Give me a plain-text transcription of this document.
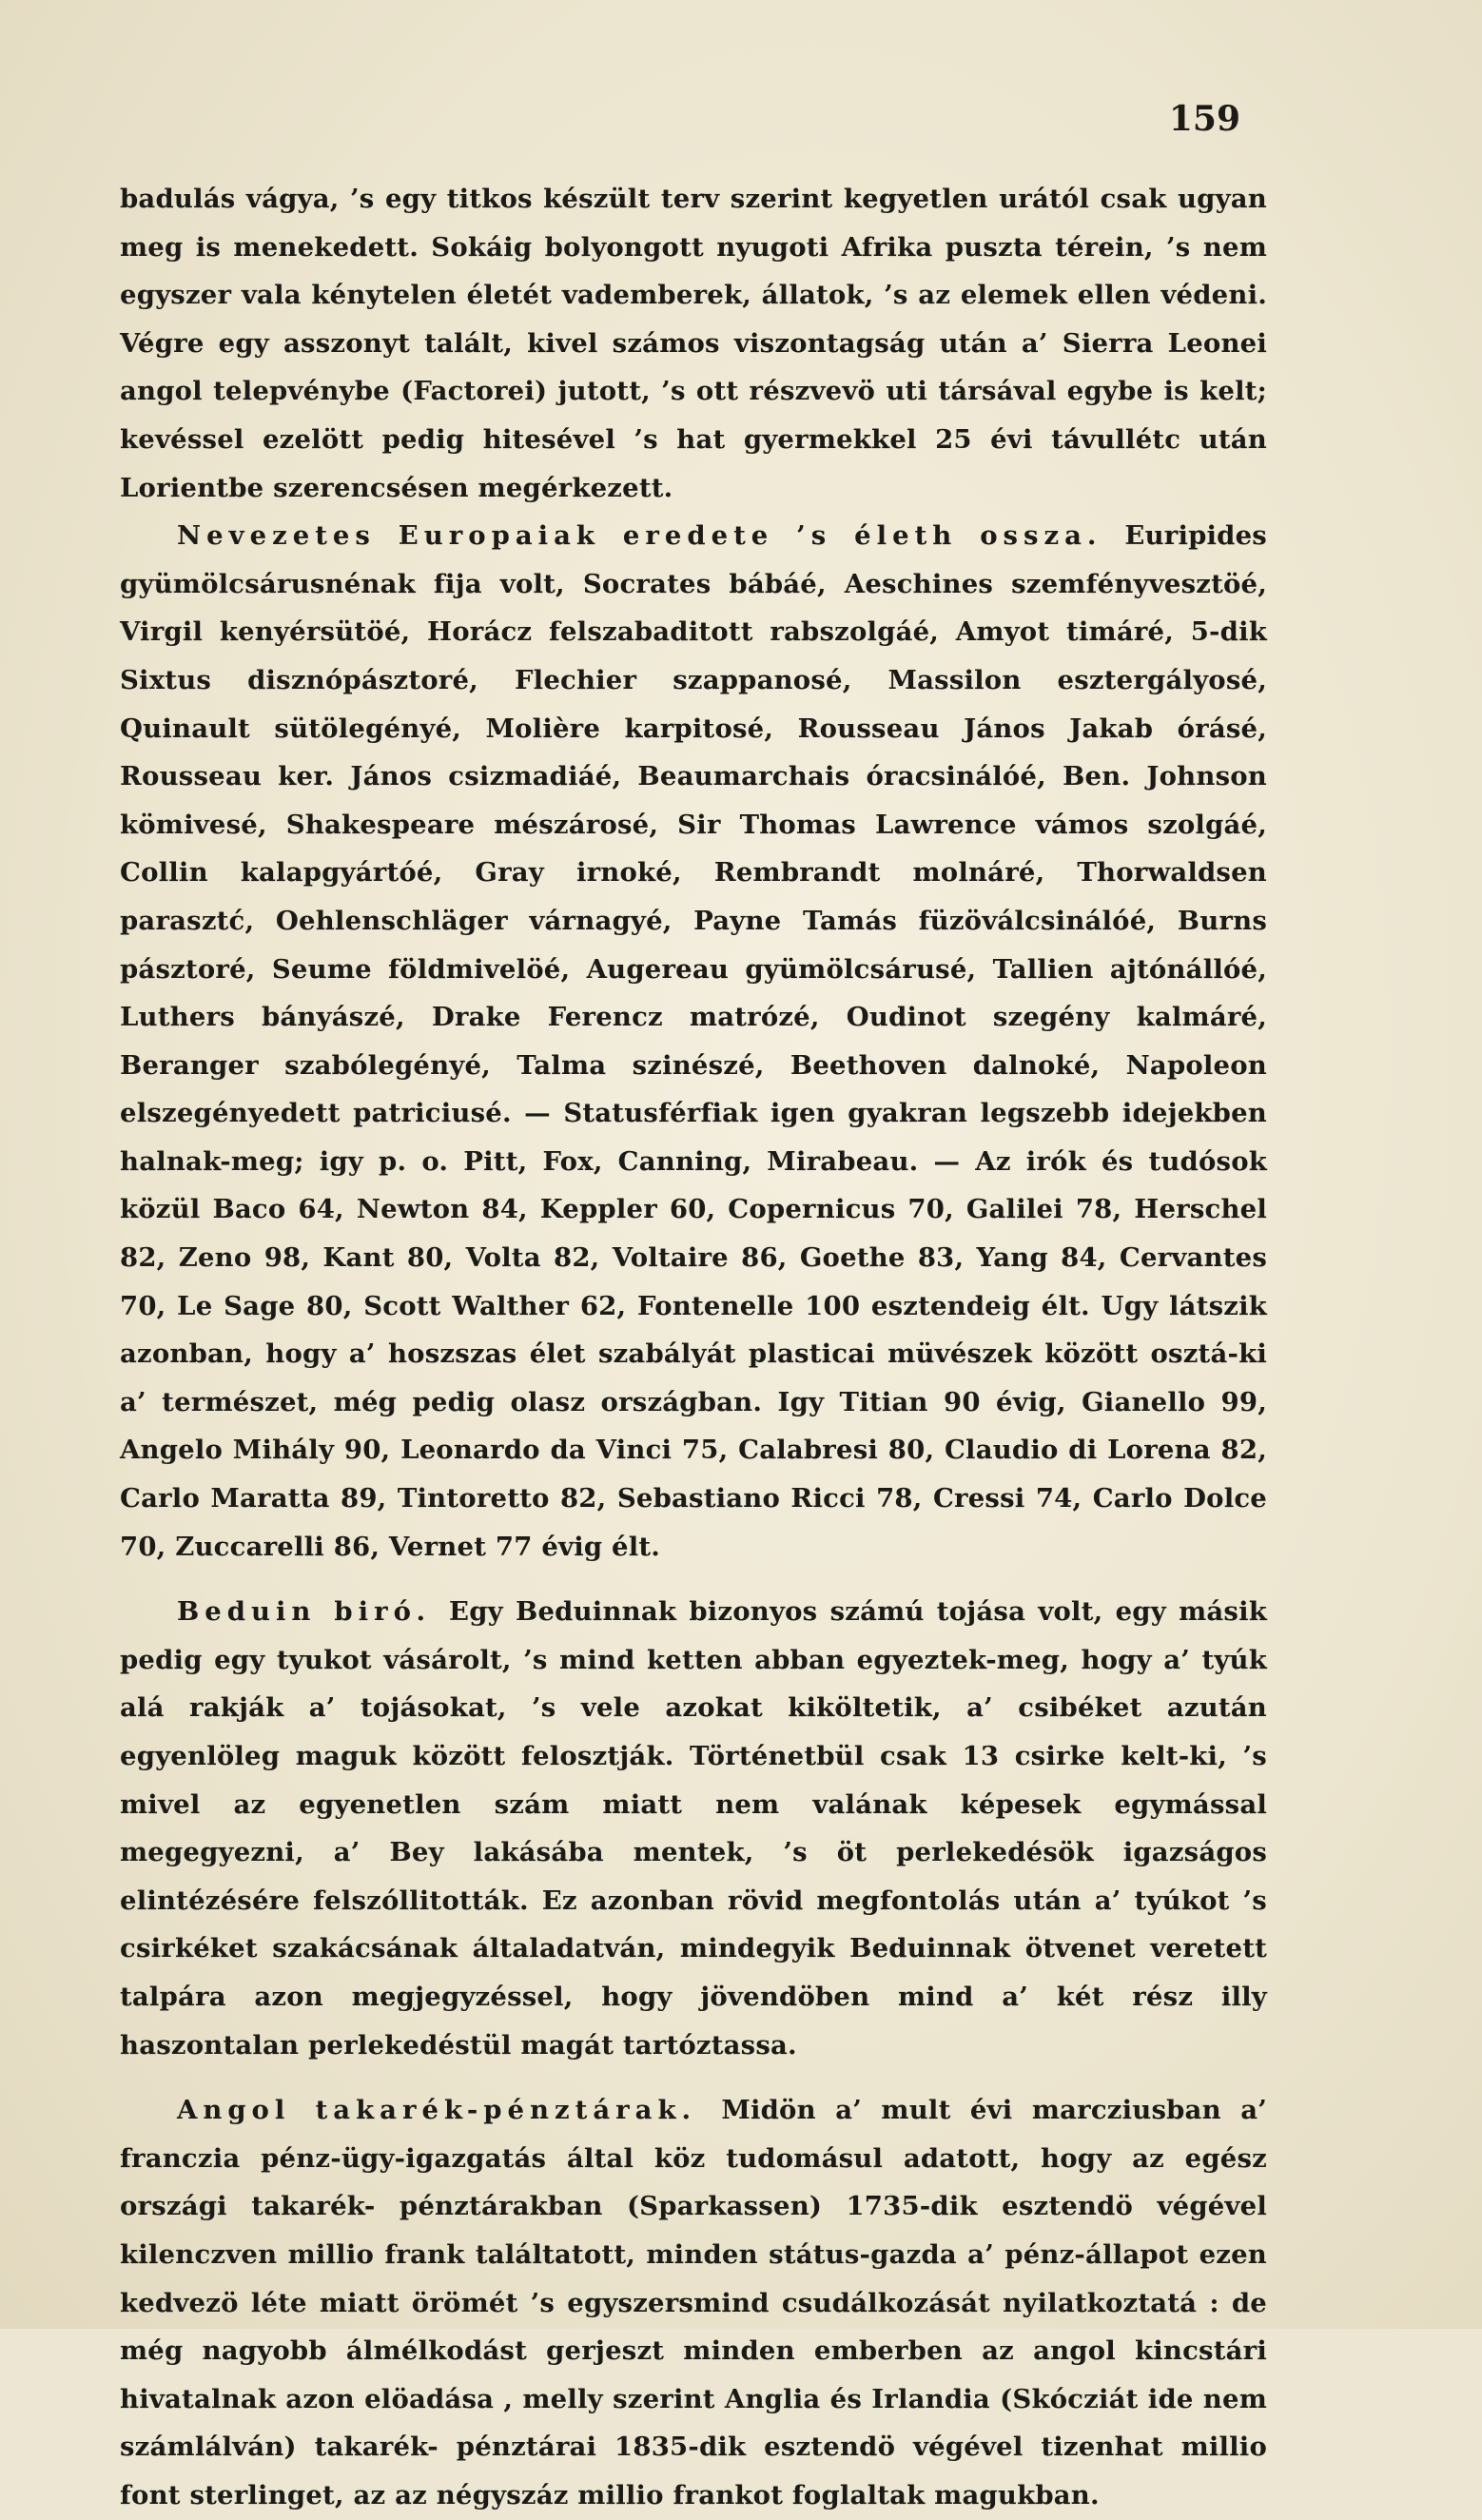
159

badulás vágya, ’s egy titkos készült terv szerint kegyetlen urától csak ugyan meg is menekedett. Sokáig bolyongott nyugoti Afrika puszta térein, ’s nem egyszer vala kénytelen életét vademberek, állatok, ’s az elemek ellen védeni. Végre egy asszonyt talált, kivel számos viszontagság után a’ Sierra Leonei angol telepvénybe (Factorei) jutott, ’s ott részvevö uti társával egybe is kelt; kevéssel ezelött pedig hitesével ’s hat gyermekkel 25 évi távullétc után Lorientbe szerencsésen megérkezett.

Nevezetes Europaiak eredete ’s életh ossza. Euripides gyümölcsárusnénak fija volt, Socrates bábáé, Aeschines szemfényvesztöé, Virgil kenyérsütöé, Horácz felszabaditott rabszolgáé, Amyot timáré, 5-dik Sixtus disznópásztoré, Flechier szappanosé, Massilon esztergályosé, Quinault sütölegényé, Molière karpitosé, Rousseau János Jakab órásé, Rousseau ker. János csizmadiáé, Beaumarchais óracsinálóé, Ben. Johnson kömivesé, Shakespeare mészárosé, Sir Thomas Lawrence vámos szolgáé, Collin kalapgyártóé, Gray irnoké, Rembrandt molnáré, Thorwaldsen parasztć, Oehlenschläger várnagyé, Payne Tamás füzöválcsinálóé, Burns pásztoré, Seume földmivelöé, Augereau gyümölcsárusé, Tallien ajtónállóé, Luthers bányászé, Drake Ferencz matrózé, Oudinot szegény kalmáré, Beranger szabólegényé, Talma szinészé, Beethoven dalnoké, Napoleon elszegényedett patriciusé. — Statusférfiak igen gyakran legszebb idejekben halnak-meg; igy p. o. Pitt, Fox, Canning, Mirabeau. — Az irók és tudósok közül Baco 64, Newton 84, Keppler 60, Copernicus 70, Galilei 78, Herschel 82, Zeno 98, Kant 80, Volta 82, Voltaire 86, Goethe 83, Yang 84, Cervantes 70, Le Sage 80, Scott Walther 62, Fontenelle 100 esztendeig élt. Ugy látszik azonban, hogy a’ hoszszas élet szabályát plasticai müvészek között osztá-ki a’ természet, még pedig olasz országban. Igy Titian 90 évig, Gianello 99, Angelo Mihály 90, Leonardo da Vinci 75, Calabresi 80, Claudio di Lorena 82, Carlo Maratta 89, Tintoretto 82, Sebastiano Ricci 78, Cressi 74, Carlo Dolce 70, Zuccarelli 86, Vernet 77 évig élt.

Beduin biró. Egy Beduinnak bizonyos számú tojása volt, egy másik pedig egy tyukot vásárolt, ’s mind ketten abban egyeztek-meg, hogy a’ tyúk alá rakják a’ tojásokat, ’s vele azokat kiköltetik, a’ csibéket azután egyenlöleg maguk között felosztják. Történetbül csak 13 csirke kelt-ki, ’s mivel az egyenetlen szám miatt nem valának képesek egymással megegyezni, a’ Bey lakásába mentek, ’s öt perlekedésök igazságos elintézésére felszóllitották. Ez azonban rövid megfontolás után a’ tyúkot ’s csirkéket szakácsának általadatván, mindegyik Beduinnak ötvenet veretett talpára azon megjegyzéssel, hogy jövendöben mind a’ két rész illy haszontalan perlekedéstül magát tartóztassa.

Angol takarék-pénztárak. Midön a’ mult évi marcziusban a’ franczia pénz-ügy-igazgatás által köz tudomásul adatott, hogy az egész országi takarék- pénztárakban (Sparkassen) 1735-dik esztendö végével kilenczven millio frank találtatott, minden státus-gazda a’ pénz-állapot ezen kedvezö léte miatt örömét ’s egyszersmind csudálkozását nyilatkoztatá : de még nagyobb álmélkodást gerjeszt minden emberben az angol kincstári hivatalnak azon elöadása , melly szerint Anglia és Irlandia (Skócziát ide nem számlálván) takarék- pénztárai 1835-dik esztendö végével tizenhat millio font sterlinget, az az négyszáz millio frankot foglaltak magukban.
